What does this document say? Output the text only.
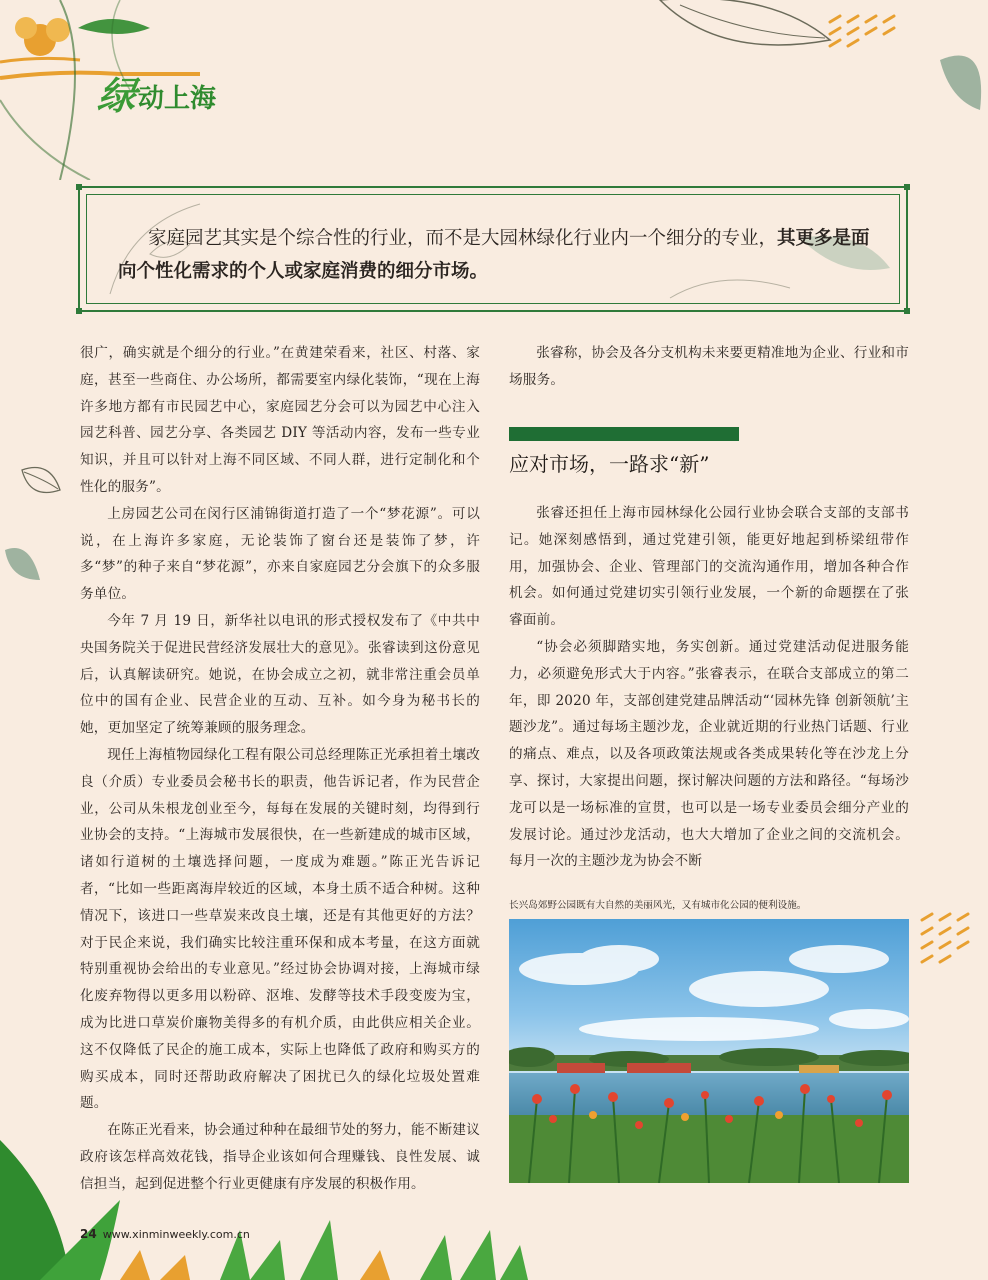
绿
动上海
家庭园艺其实是个综合性的行业，而不是大园林绿化行业内一个细分的专业，其更多是面向个性化需求的个人或家庭消费的细分市场。

很广，确实就是个细分的行业。”在黄建荣看来，社区、村落、家庭，甚至一些商住、办公场所，都需要室内绿化装饰，“现在上海许多地方都有市民园艺中心，家庭园艺分会可以为园艺中心注入园艺科普、园艺分享、各类园艺 DIY 等活动内容，发布一些专业知识，并且可以针对上海不同区域、不同人群，进行定制化和个性化的服务”。

上房园艺公司在闵行区浦锦街道打造了一个“梦花源”。可以说，在上海许多家庭，无论装饰了窗台还是装饰了梦，许多“梦”的种子来自“梦花源”，亦来自家庭园艺分会旗下的众多服务单位。

今年 7 月 19 日，新华社以电讯的形式授权发布了《中共中央国务院关于促进民营经济发展壮大的意见》。张睿读到这份意见后，认真解读研究。她说，在协会成立之初，就非常注重会员单位中的国有企业、民营企业的互动、互补。如今身为秘书长的她，更加坚定了统筹兼顾的服务理念。

现任上海植物园绿化工程有限公司总经理陈正光承担着土壤改良（介质）专业委员会秘书长的职责，他告诉记者，作为民营企业，公司从朱根龙创业至今，每每在发展的关键时刻，均得到行业协会的支持。“上海城市发展很快，在一些新建成的城市区域，诸如行道树的土壤选择问题，一度成为难题。”陈正光告诉记者，“比如一些距离海岸较近的区域，本身土质不适合种树。这种情况下，该进口一些草炭来改良土壤，还是有其他更好的方法？对于民企来说，我们确实比较注重环保和成本考量，在这方面就特别重视协会给出的专业意见。”经过协会协调对接，上海城市绿化废弃物得以更多用以粉碎、沤堆、发酵等技术手段变废为宝，成为比进口草炭价廉物美得多的有机介质，由此供应相关企业。这不仅降低了民企的施工成本，实际上也降低了政府和购买方的购买成本，同时还帮助政府解决了困扰已久的绿化垃圾处置难题。

在陈正光看来，协会通过种种在最细节处的努力，能不断建议政府该怎样高效花钱，指导企业该如何合理赚钱、良性发展、诚信担当，起到促进整个行业更健康有序发展的积极作用。

张睿称，协会及各分支机构未来要更精准地为企业、行业和市场服务。

应对市场，一路求“新”

张睿还担任上海市园林绿化公园行业协会联合支部的支部书记。她深刻感悟到，通过党建引领，能更好地起到桥梁纽带作用，加强协会、企业、管理部门的交流沟通作用，增加各种合作机会。如何通过党建切实引领行业发展，一个新的命题摆在了张睿面前。

“协会必须脚踏实地，务实创新。通过党建活动促进服务能力，必须避免形式大于内容。”张睿表示，在联合支部成立的第二年，即 2020 年，支部创建党建品牌活动“‘园林先锋 创新领航’主题沙龙”。通过每场主题沙龙，企业就近期的行业热门话题、行业的痛点、难点，以及各项政策法规或各类成果转化等在沙龙上分享、探讨，大家提出问题，探讨解决问题的方法和路径。“每场沙龙可以是一场标准的宣贯，也可以是一场专业委员会细分产业的发展讨论。通过沙龙活动，也大大增加了企业之间的交流机会。每月一次的主题沙龙为协会不断

长兴岛郊野公园既有大自然的美丽风光，又有城市化公园的便利设施。
24 www.xinminweekly.com.cn
